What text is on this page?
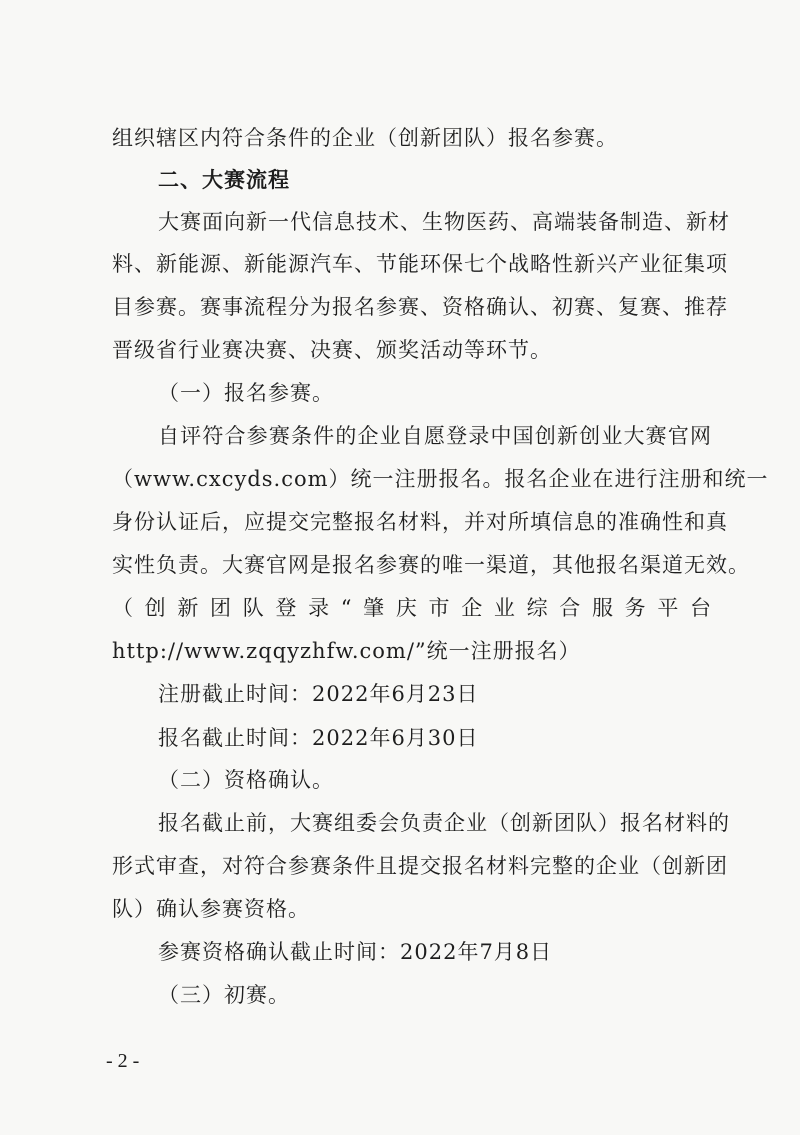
组织辖区内符合条件的企业（创新团队）报名参赛。
二、大赛流程
大赛面向新一代信息技术、生物医药、高端装备制造、新材
料、新能源、新能源汽车、节能环保七个战略性新兴产业征集项
目参赛。赛事流程分为报名参赛、资格确认、初赛、复赛、推荐
晋级省行业赛决赛、决赛、颁奖活动等环节。
（一）报名参赛。
自评符合参赛条件的企业自愿登录中国创新创业大赛官网
（www.cxcyds.com）统一注册报名。报名企业在进行注册和统一
身份认证后，应提交完整报名材料，并对所填信息的准确性和真
实性负责。大赛官网是报名参赛的唯一渠道，其他报名渠道无效。
（创新团队登录“肇庆市企业综合服务平台
http://www.zqqyzhfw.com/”统一注册报名）
注册截止时间：2022年6月23日
报名截止时间：2022年6月30日
（二）资格确认。
报名截止前，大赛组委会负责企业（创新团队）报名材料的
形式审查，对符合参赛条件且提交报名材料完整的企业（创新团
队）确认参赛资格。
参赛资格确认截止时间：2022年7月8日
（三）初赛。
- 2 -
